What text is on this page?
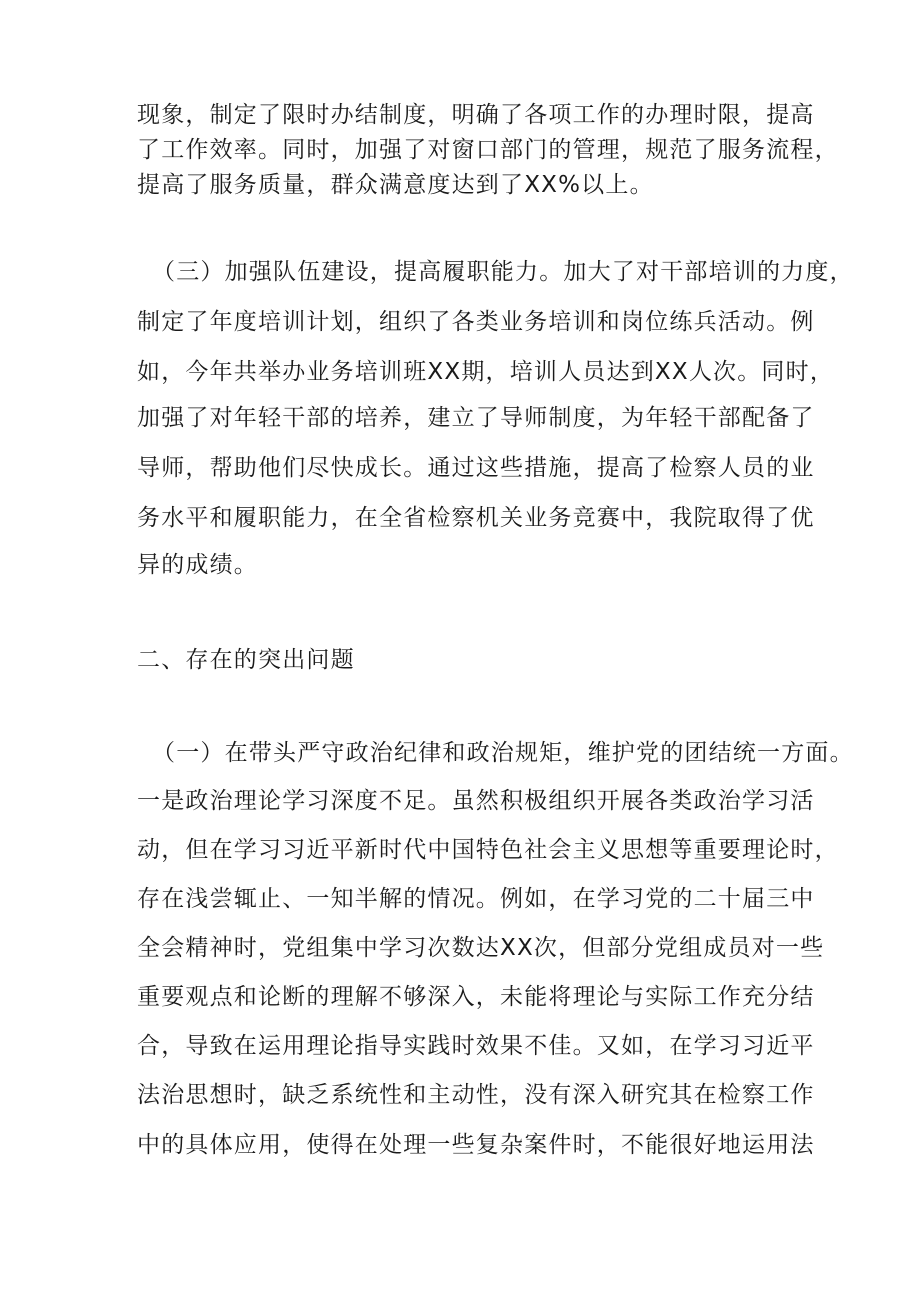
现象，制定了限时办结制度，明确了各项工作的办理时限，提高
了工作效率。同时，加强了对窗口部门的管理，规范了服务流程，
提高了服务质量，群众满意度达到了XX%以上。
（三）加强队伍建设，提高履职能力。加大了对干部培训的力度，
制定了年度培训计划，组织了各类业务培训和岗位练兵活动。例
如，今年共举办业务培训班XX期，培训人员达到XX人次。同时，
加强了对年轻干部的培养，建立了导师制度，为年轻干部配备了
导师，帮助他们尽快成长。通过这些措施，提高了检察人员的业
务水平和履职能力，在全省检察机关业务竞赛中，我院取得了优
异的成绩。
二、存在的突出问题
（一）在带头严守政治纪律和政治规矩，维护党的团结统一方面。
一是政治理论学习深度不足。虽然积极组织开展各类政治学习活
动，但在学习习近平新时代中国特色社会主义思想等重要理论时，
存在浅尝辄止、一知半解的情况。例如，在学习党的二十届三中
全会精神时，党组集中学习次数达XX次，但部分党组成员对一些
重要观点和论断的理解不够深入，未能将理论与实际工作充分结
合，导致在运用理论指导实践时效果不佳。又如，在学习习近平
法治思想时，缺乏系统性和主动性，没有深入研究其在检察工作
中的具体应用，使得在处理一些复杂案件时，不能很好地运用法
